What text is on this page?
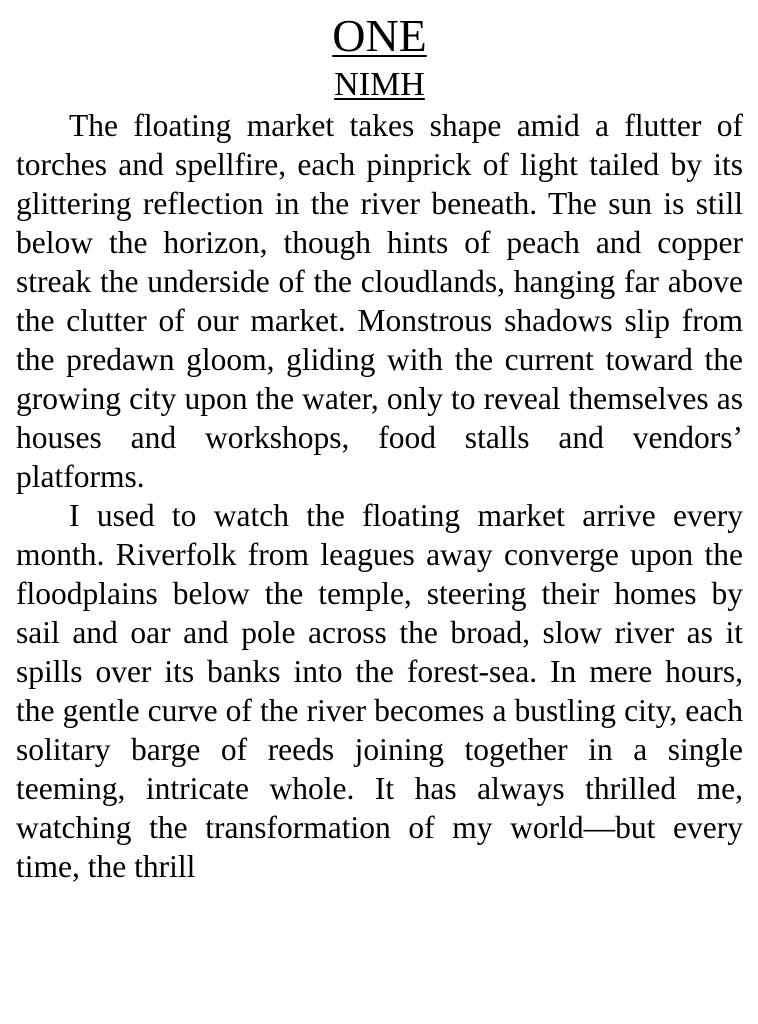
ONE
NIMH

The floating market takes shape amid a flutter of torches and spellfire, each pinprick of light tailed by its glittering reflection in the river beneath. The sun is still below the horizon, though hints of peach and copper streak the underside of the cloudlands, hanging far above the clutter of our market. Monstrous shadows slip from the predawn gloom, gliding with the current toward the growing city upon the water, only to reveal themselves as houses and workshops, food stalls and vendors’ platforms.

I used to watch the floating market arrive every month. Riverfolk from leagues away converge upon the floodplains below the temple, steering their homes by sail and oar and pole across the broad, slow river as it spills over its banks into the forest-sea. In mere hours, the gentle curve of the river becomes a bustling city, each solitary barge of reeds joining together in a single teeming, intricate whole. It has always thrilled me, watching the transformation of my world—but every time, the thrill
